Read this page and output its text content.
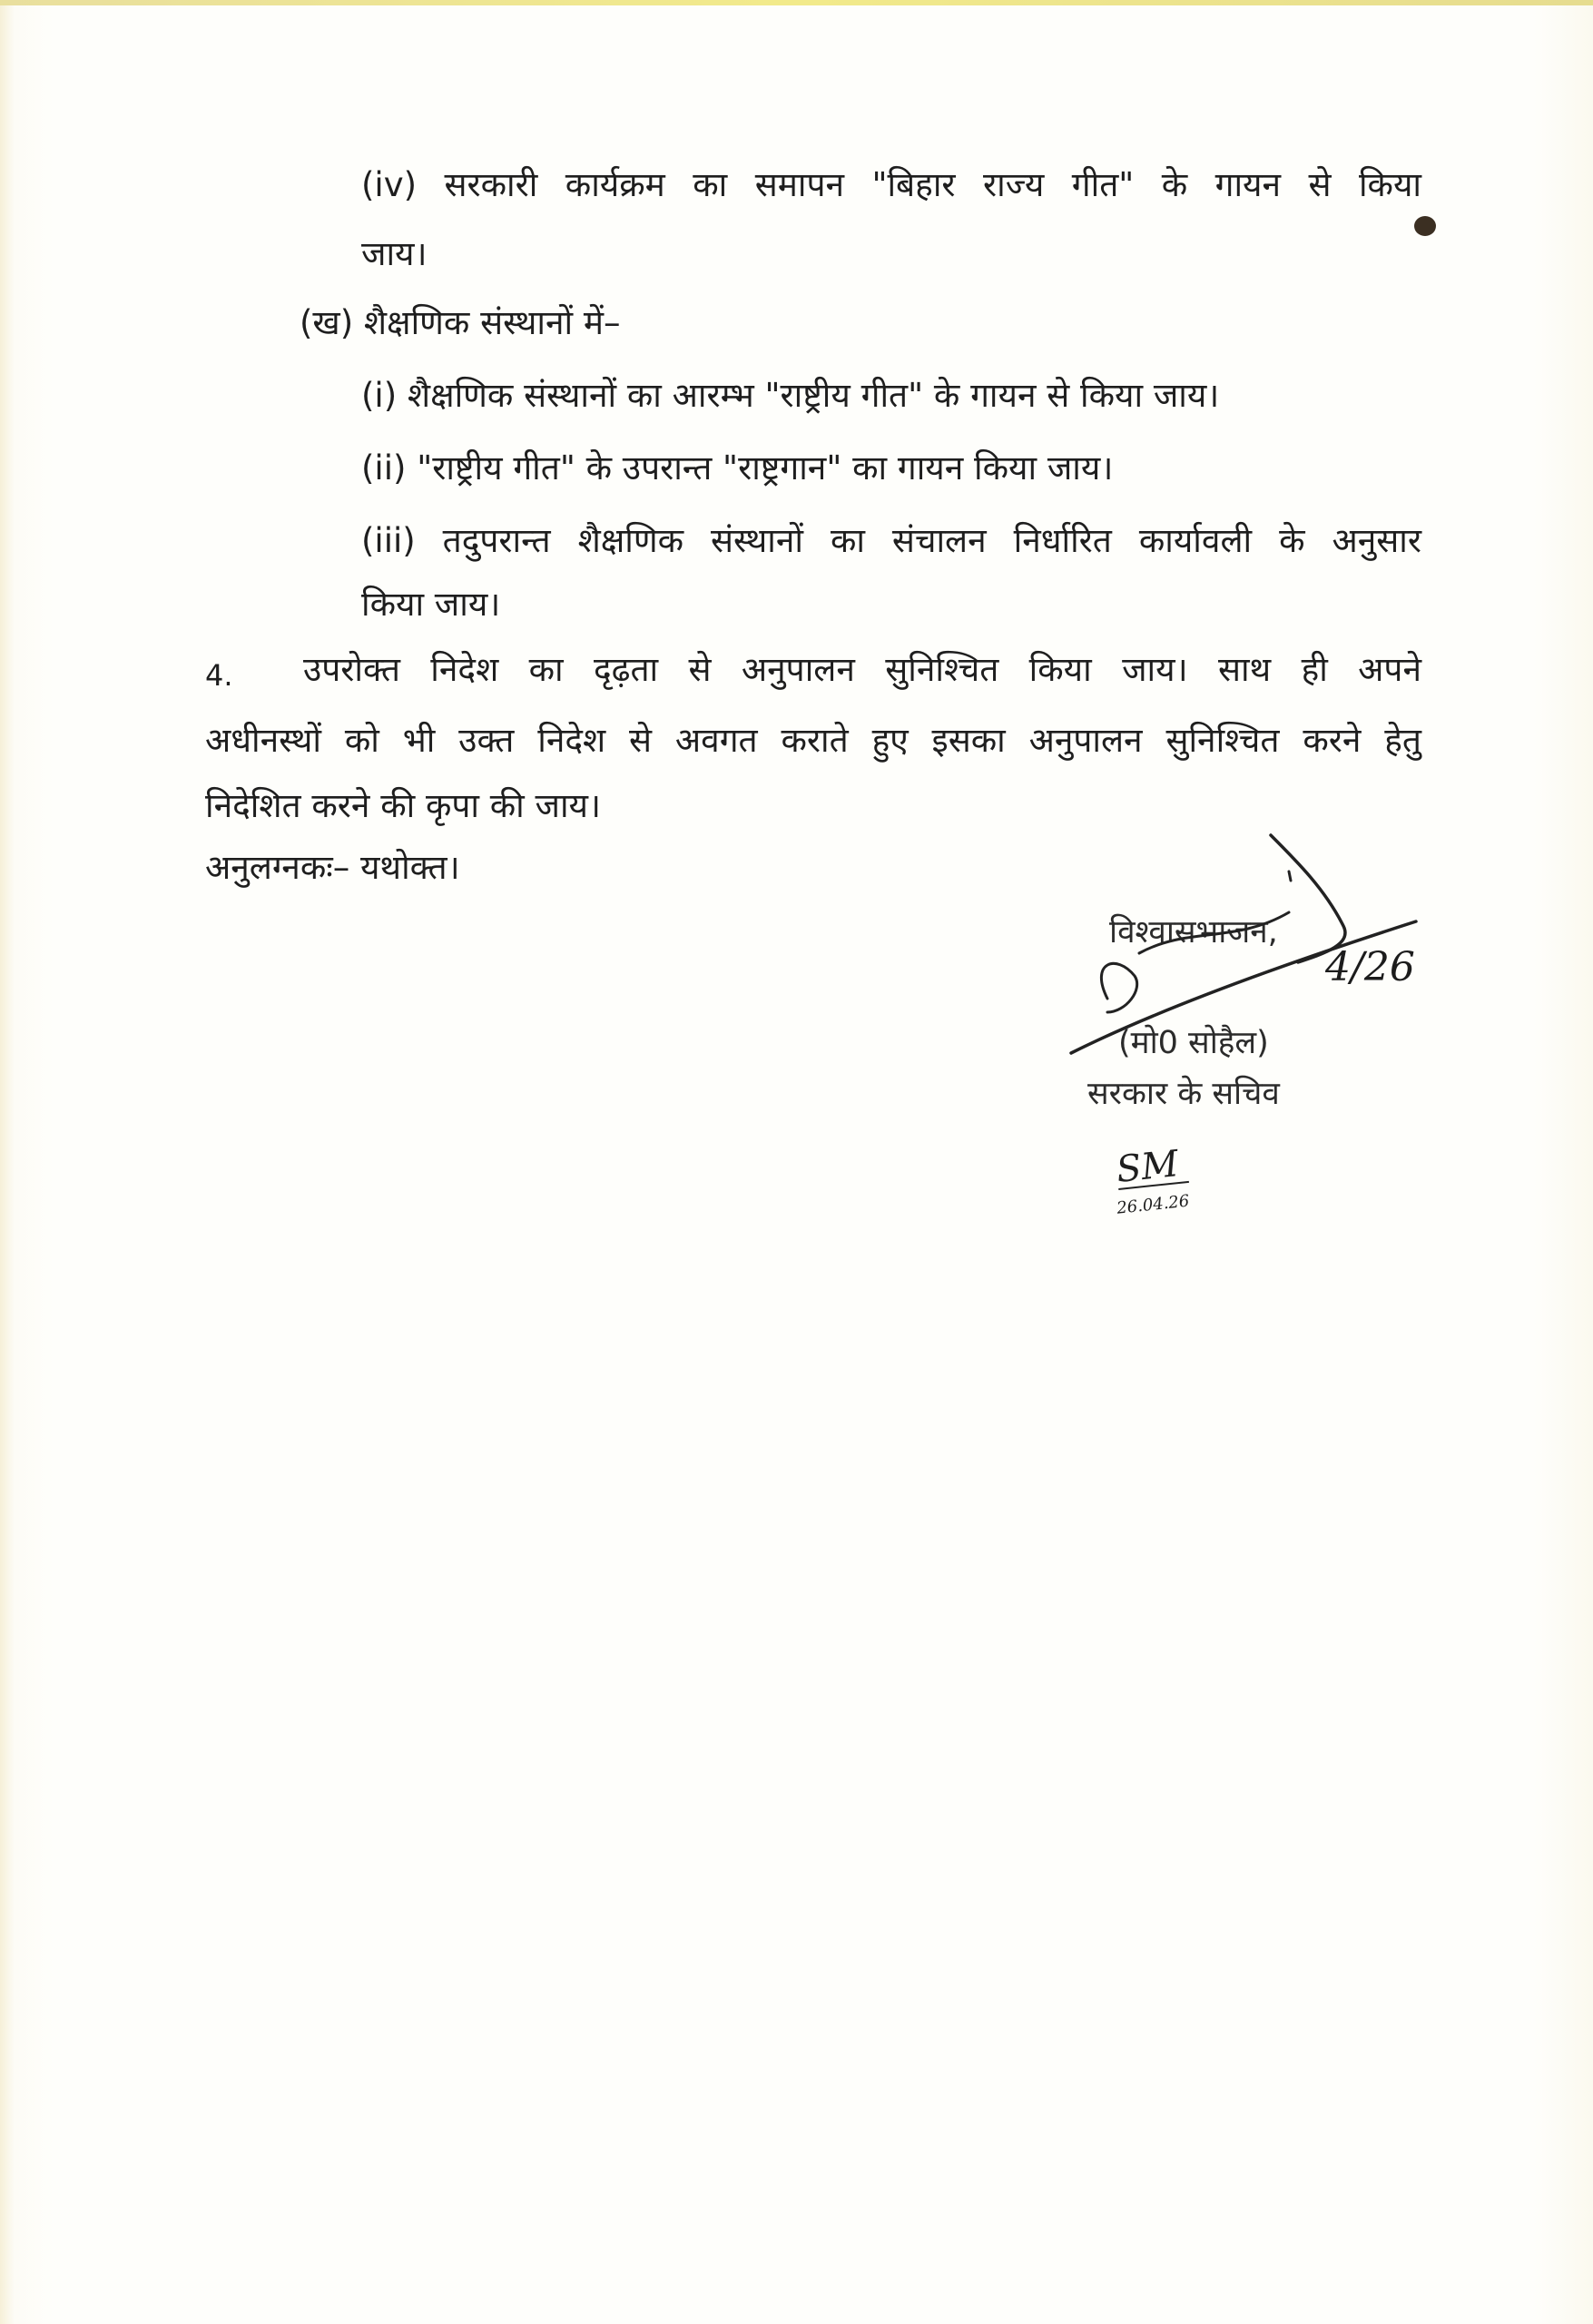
(iv) सरकारी कार्यक्रम का समापन "बिहार राज्य गीत" के गायन से किया
जाय।
(ख) शैक्षणिक संस्थानों में–
(i) शैक्षणिक संस्थानों का आरम्भ "राष्ट्रीय गीत" के गायन से किया जाय।
(ii) "राष्ट्रीय गीत" के उपरान्त "राष्ट्रगान" का गायन किया जाय।
(iii) तदुपरान्त शैक्षणिक संस्थानों का संचालन निर्धारित कार्यावली के अनुसार
किया जाय।
4. उपरोक्त निदेश का दृढ़ता से अनुपालन सुनिश्चित किया जाय। साथ ही अपने
अधीनस्थों को भी उक्त निदेश से अवगत कराते हुए इसका अनुपालन सुनिश्चित करने हेतु
निदेशित करने की कृपा की जाय।
अनुलग्नकः– यथोक्त।
विश्वासभाजन,
(मो0 सोहैल)
सरकार के सचिव
4/26
SM
26.04.26
